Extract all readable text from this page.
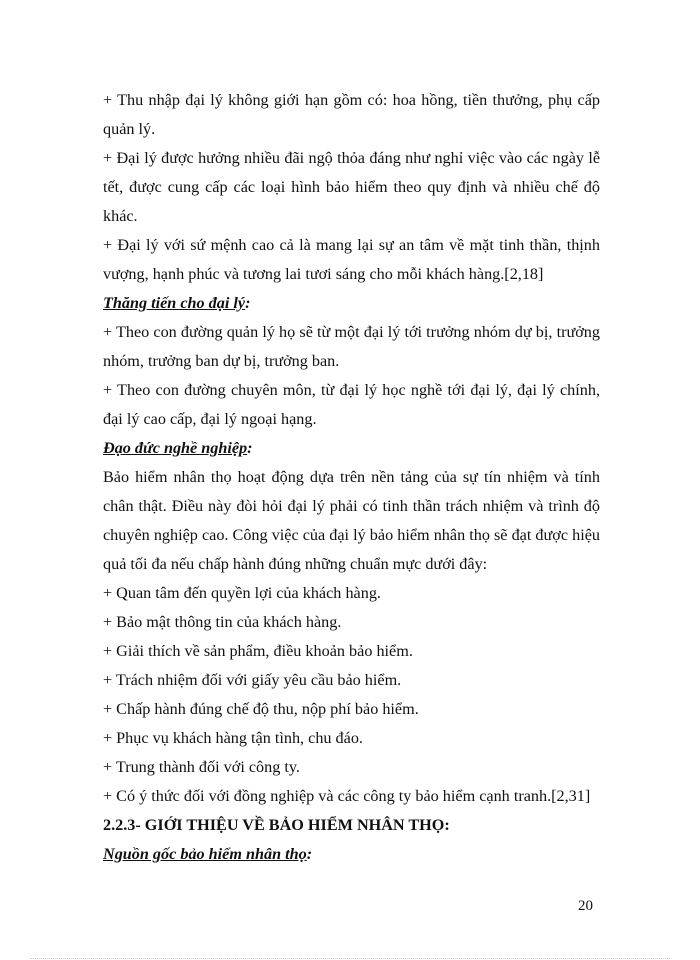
+ Thu nhập đại lý không giới hạn gồm có: hoa hồng, tiền thưởng, phụ cấp quản lý.

+ Đại lý được hưởng nhiều đãi ngộ thỏa đáng như nghỉ việc vào các ngày lễ tết, được cung cấp các loại hình bảo hiểm theo quy định và nhiều chế độ khác.

+ Đại lý với sứ mệnh cao cả là mang lại sự an tâm về mặt tinh thần, thịnh vượng, hạnh phúc và tương lai tươi sáng cho mỗi khách hàng.[2,18]

Thăng tiến cho đại lý:

+ Theo con đường quản lý họ sẽ từ một đại lý tới trưởng nhóm dự bị, trưởng nhóm, trưởng ban dự bị, trưởng ban.

+ Theo con đường chuyên môn, từ đại lý học nghề tới đại lý, đại lý chính, đại lý cao cấp, đại lý ngoại hạng.

Đạo đức nghề nghiệp:

Bảo hiểm nhân thọ hoạt động dựa trên nền tảng của sự tín nhiệm và tính chân thật. Điều này đòi hỏi đại lý phải có tinh thần trách nhiệm và trình độ chuyên nghiệp cao. Công việc của đại lý bảo hiểm nhân thọ sẽ đạt được hiệu quả tối đa nếu chấp hành đúng những chuẩn mực dưới đây:

+ Quan tâm đến quyền lợi của khách hàng.

+ Bảo mật thông tin của khách hàng.

+ Giải thích về sản phẩm, điều khoản bảo hiểm.

+ Trách nhiệm đối với giấy yêu cầu bảo hiểm.

+ Chấp hành đúng chế độ thu, nộp phí bảo hiểm.

+ Phục vụ khách hàng tận tình, chu đáo.

+ Trung thành đối với công ty.

+ Có ý thức đối với đồng nghiệp và các công ty bảo hiểm cạnh tranh.[2,31]

2.2.3- GIỚI THIỆU VỀ BẢO HIỂM NHÂN THỌ:

Nguồn gốc bảo hiểm nhân thọ:

20
